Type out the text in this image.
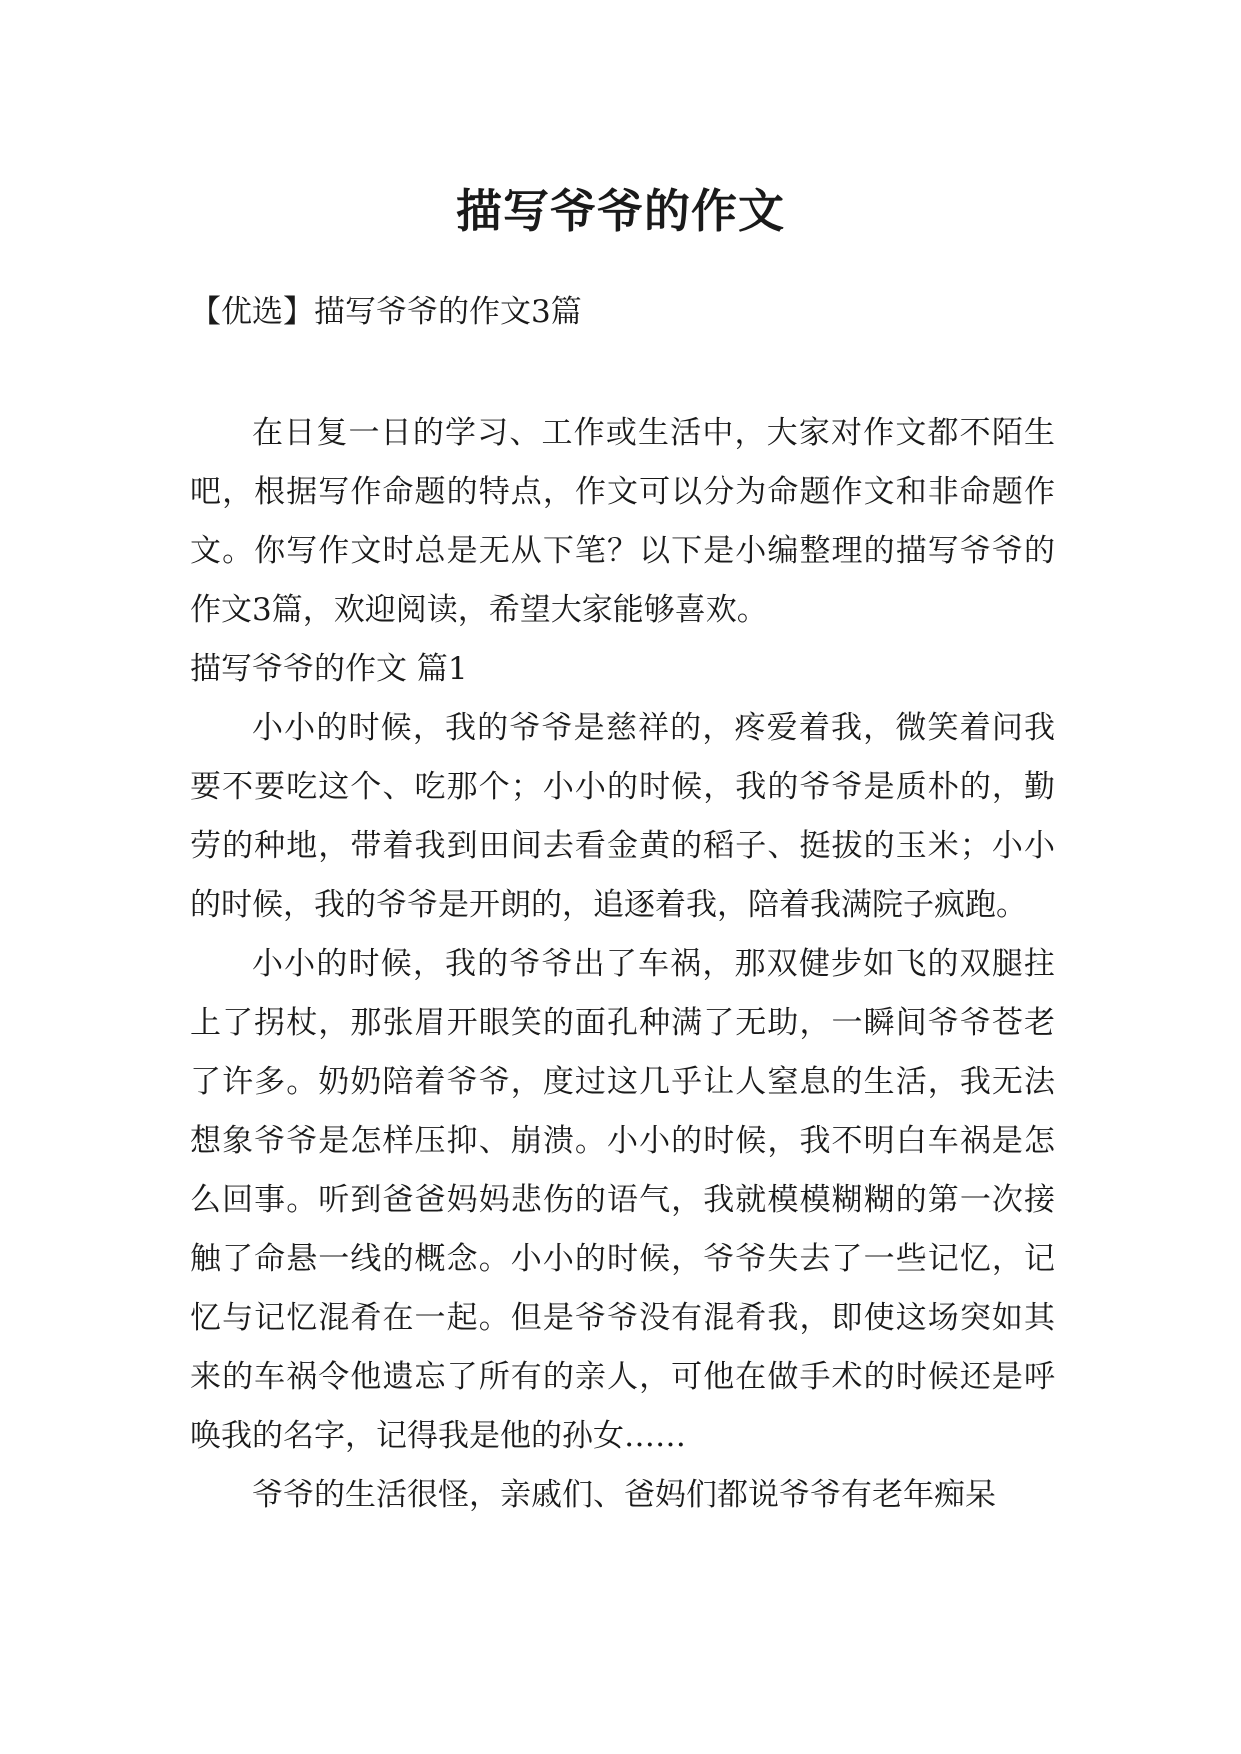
描写爷爷的作文
【优选】描写爷爷的作文3篇

在日复一日的学习、工作或生活中，大家对作文都不陌生吧，根据写作命题的特点，作文可以分为命题作文和非命题作文。你写作文时总是无从下笔？以下是小编整理的描写爷爷的作文3篇，欢迎阅读，希望大家能够喜欢。

描写爷爷的作文 篇1

小小的时候，我的爷爷是慈祥的，疼爱着我，微笑着问我要不要吃这个、吃那个；小小的时候，我的爷爷是质朴的，勤劳的种地，带着我到田间去看金黄的稻子、挺拔的玉米；小小的时候，我的爷爷是开朗的，追逐着我，陪着我满院子疯跑。

小小的时候，我的爷爷出了车祸，那双健步如飞的双腿拄上了拐杖，那张眉开眼笑的面孔种满了无助，一瞬间爷爷苍老了许多。奶奶陪着爷爷，度过这几乎让人窒息的生活，我无法想象爷爷是怎样压抑、崩溃。小小的时候，我不明白车祸是怎么回事。听到爸爸妈妈悲伤的语气，我就模模糊糊的第一次接触了命悬一线的概念。小小的时候，爷爷失去了一些记忆，记忆与记忆混肴在一起。但是爷爷没有混肴我，即使这场突如其来的车祸令他遗忘了所有的亲人，可他在做手术的时候还是呼唤我的名字，记得我是他的孙女……

爷爷的生活很怪，亲戚们、爸妈们都说爷爷有老年痴呆
